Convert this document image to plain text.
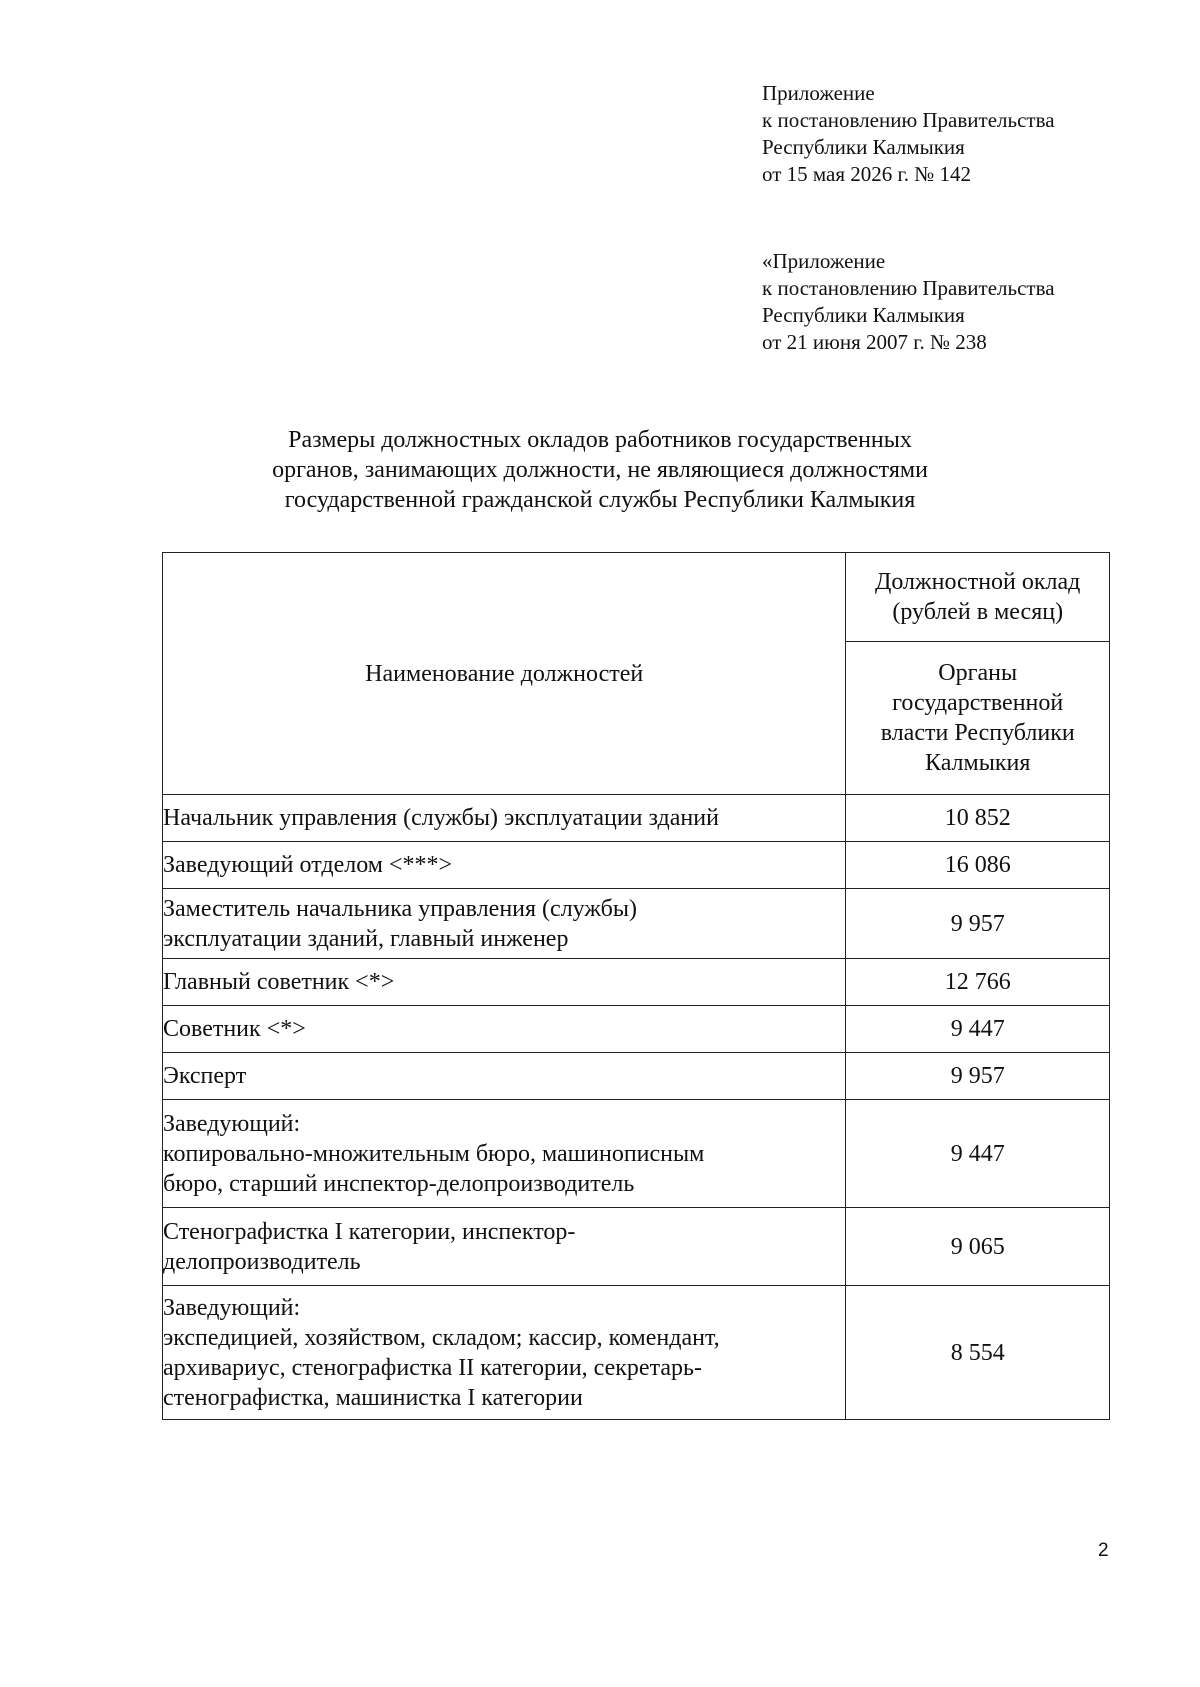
Приложение
к постановлению Правительства
Республики Калмыкия
от 15 мая 2026 г. № 142
«Приложение
к постановлению Правительства
Республики Калмыкия
от 21 июня 2007 г. № 238
Размеры должностных окладов работников государственных
органов, занимающих должности, не являющиеся должностями
государственной гражданской службы Республики Калмыкия
Наименование должностей	Должностной оклад
(рублей в месяц)

	Органы
государственной
власти Республики
Калмыкия

Начальник управления (службы) эксплуатации зданий	10 852

Заведующий отделом <***>	16 086

Заместитель начальника управления (службы)
эксплуатации зданий, главный инженер	9 957

Главный советник <*>	12 766

Советник <*>	9 447

Эксперт	9 957

Заведующий:
копировально-множительным бюро, машинописным
бюро, старший инспектор-делопроизводитель	9 447

Стенографистка I категории, инспектор-
делопроизводитель	9 065

Заведующий:
экспедицией, хозяйством, складом; кассир, комендант,
архивариус, стенографистка II категории, секретарь-
стенографистка, машинистка I категории	8 554
2
